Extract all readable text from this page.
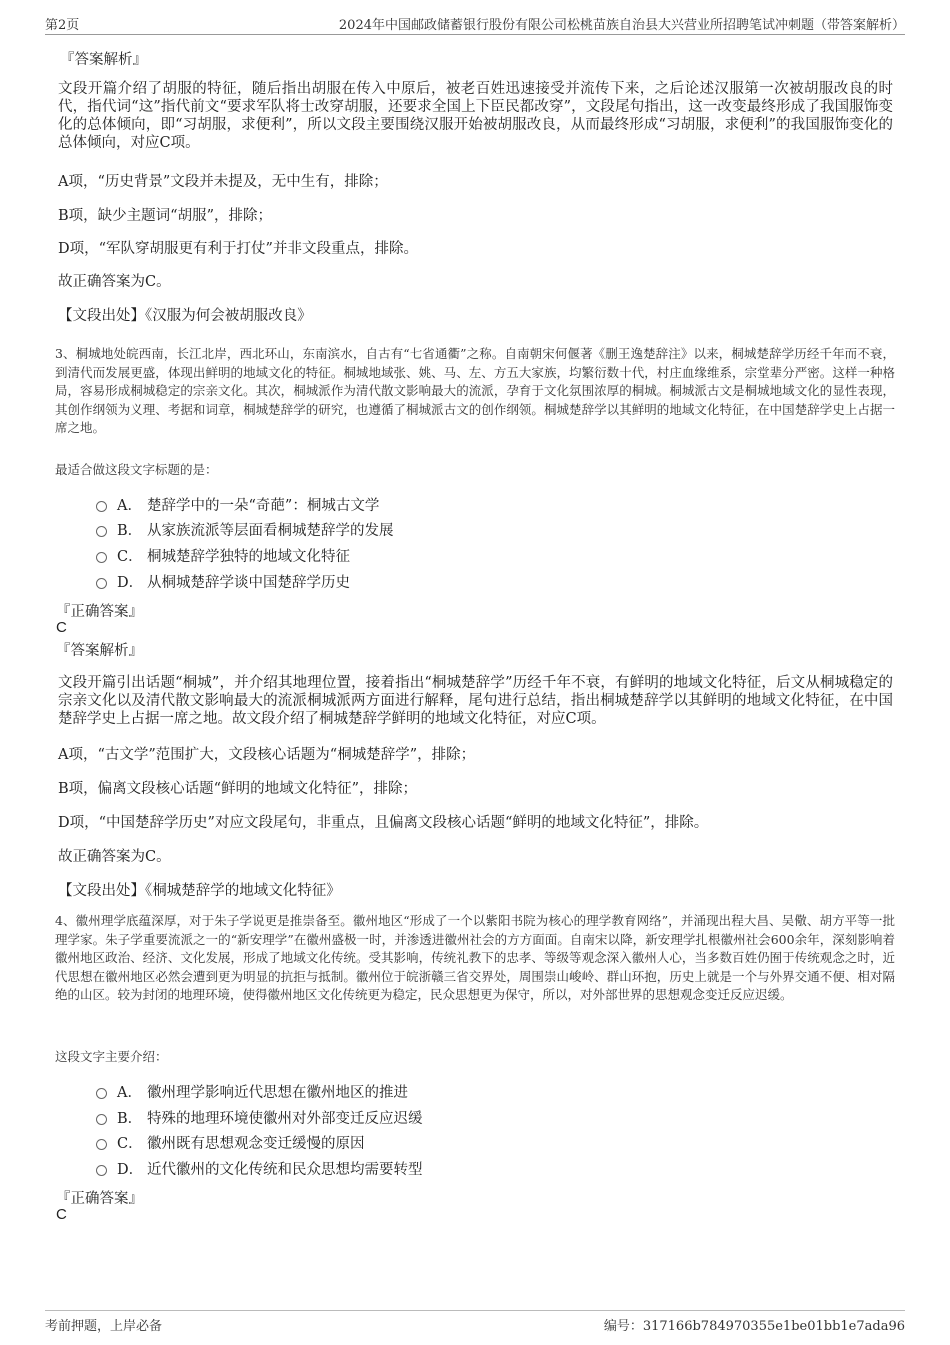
第2页	2024年中国邮政储蓄银行股份有限公司松桃苗族自治县大兴营业所招聘笔试冲刺题（带答案解析）
『答案解析』

文段开篇介绍了胡服的特征，随后指出胡服在传入中原后，被老百姓迅速接受并流传下来，之后论述汉服第一次被胡服改良的时代，指代词“这”指代前文“要求军队将士改穿胡服，还要求全国上下臣民都改穿”，文段尾句指出，这一改变最终形成了我国服饰变化的总体倾向，即“习胡服，求便利”，所以文段主要围绕汉服开始被胡服改良，从而最终形成“习胡服，求便利”的我国服饰变化的总体倾向，对应C项。

A项，“历史背景”文段并未提及，无中生有，排除；
B项，缺少主题词“胡服”，排除；
D项，“军队穿胡服更有利于打仗”并非文段重点，排除。
故正确答案为C。
【文段出处】《汉服为何会被胡服改良》

3、桐城地处皖西南，长江北岸，西北环山，东南滨水，自古有“七省通衢”之称。自南朝宋何偃著《删王逸楚辞注》以来，桐城楚辞学历经千年而不衰，到清代而发展更盛，体现出鲜明的地域文化的特征。桐城地域张、姚、马、左、方五大家族，均繁衍数十代，村庄血缘维系，宗堂辈分严密。这样一种格局，容易形成桐城稳定的宗亲文化。其次，桐城派作为清代散文影响最大的流派，孕育于文化氛围浓厚的桐城。桐城派古文是桐城地域文化的显性表现，其创作纲领为义理、考据和词章，桐城楚辞学的研究，也遵循了桐城派古文的创作纲领。桐城楚辞学以其鲜明的地域文化特征，在中国楚辞学史上占据一席之地。

最适合做这段文字标题的是：
A． 楚辞学中的一朵“奇葩”：桐城古文学
B． 从家族流派等层面看桐城楚辞学的发展
C． 桐城楚辞学独特的地域文化特征
D． 从桐城楚辞学谈中国楚辞学历史
『正确答案』
C
『答案解析』

文段开篇引出话题“桐城”，并介绍其地理位置，接着指出“桐城楚辞学”历经千年不衰，有鲜明的地域文化特征，后文从桐城稳定的宗亲文化以及清代散文影响最大的流派桐城派两方面进行解释，尾句进行总结，指出桐城楚辞学以其鲜明的地域文化特征，在中国楚辞学史上占据一席之地。故文段介绍了桐城楚辞学鲜明的地域文化特征，对应C项。

A项，“古文学”范围扩大，文段核心话题为“桐城楚辞学”，排除；
B项，偏离文段核心话题“鲜明的地域文化特征”，排除；
D项，“中国楚辞学历史”对应文段尾句，非重点，且偏离文段核心话题“鲜明的地域文化特征”，排除。
故正确答案为C。
【文段出处】《桐城楚辞学的地域文化特征》

4、徽州理学底蕴深厚，对于朱子学说更是推崇备至。徽州地区“形成了一个以紫阳书院为核心的理学教育网络”，并涌现出程大昌、吴儆、胡方平等一批理学家。朱子学重要流派之一的“新安理学”在徽州盛极一时，并渗透进徽州社会的方方面面。自南宋以降，新安理学扎根徽州社会600余年，深刻影响着徽州地区政治、经济、文化发展，形成了地域文化传统。受其影响，传统礼教下的忠孝、等级等观念深入徽州人心，当多数百姓仍囿于传统观念之时，近代思想在徽州地区必然会遭到更为明显的抗拒与抵制。徽州位于皖浙赣三省交界处，周围崇山峻岭、群山环抱，历史上就是一个与外界交通不便、相对隔绝的山区。较为封闭的地理环境，使得徽州地区文化传统更为稳定，民众思想更为保守，所以，对外部世界的思想观念变迁反应迟缓。

这段文字主要介绍：
A． 徽州理学影响近代思想在徽州地区的推进
B． 特殊的地理环境使徽州对外部变迁反应迟缓
C． 徽州既有思想观念变迁缓慢的原因
D． 近代徽州的文化传统和民众思想均需要转型
『正确答案』
C
考前押题，上岸必备	编号：317166b784970355e1be01bb1e7ada96
